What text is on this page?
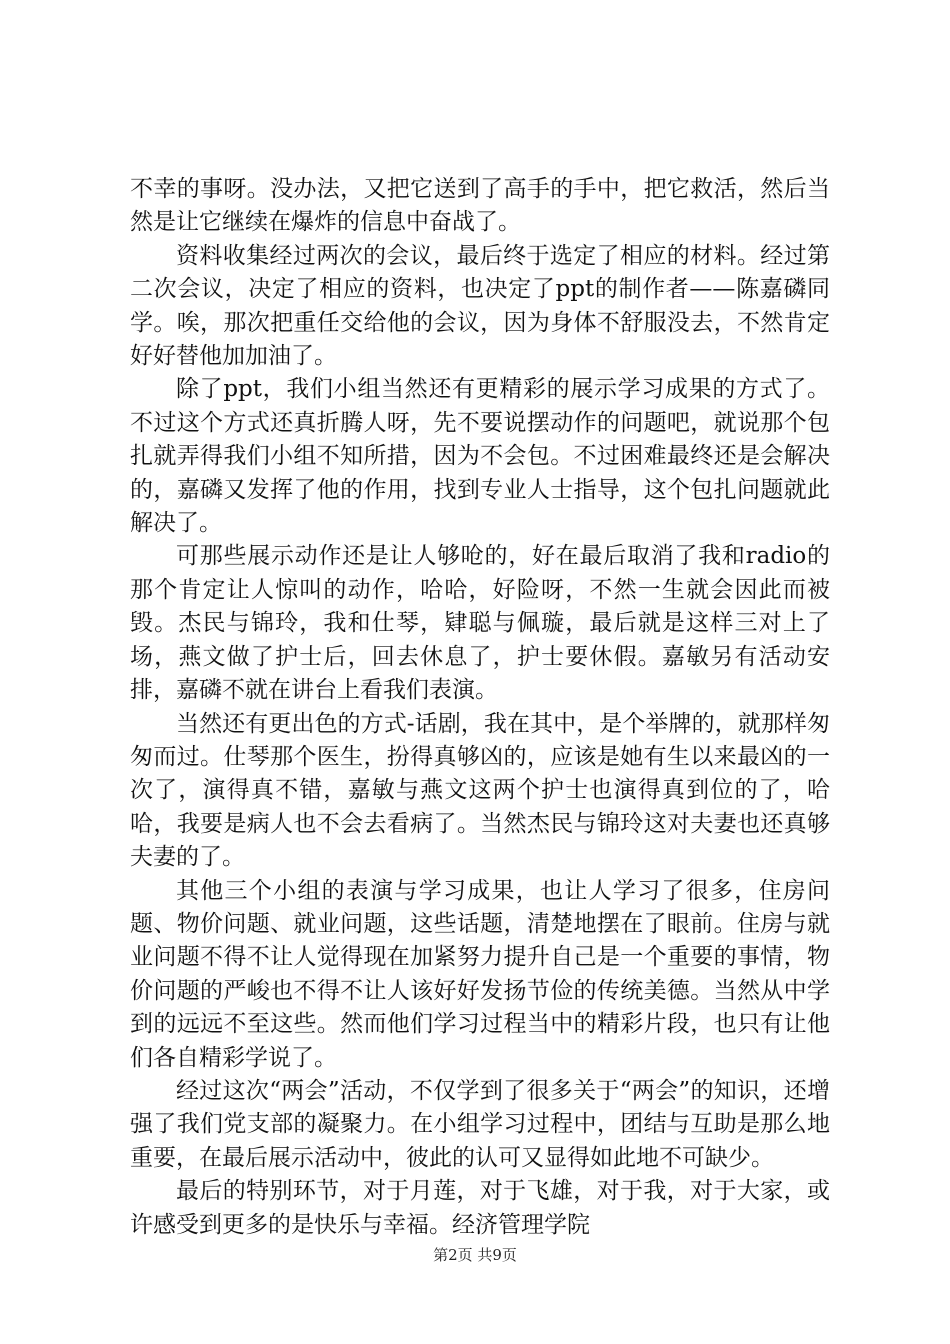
不幸的事呀。没办法，又把它送到了高手的手中，把它救活，然后当然是让它继续在爆炸的信息中奋战了。

资料收集经过两次的会议，最后终于选定了相应的材料。经过第二次会议，决定了相应的资料，也决定了ppt的制作者——陈嘉磷同学。唉，那次把重任交给他的会议，因为身体不舒服没去，不然肯定好好替他加加油了。

除了ppt，我们小组当然还有更精彩的展示学习成果的方式了。不过这个方式还真折腾人呀，先不要说摆动作的问题吧，就说那个包扎就弄得我们小组不知所措，因为不会包。不过困难最终还是会解决的，嘉磷又发挥了他的作用，找到专业人士指导，这个包扎问题就此解决了。

可那些展示动作还是让人够呛的，好在最后取消了我和radio的那个肯定让人惊叫的动作，哈哈，好险呀，不然一生就会因此而被毁。杰民与锦玲，我和仕琴，肄聪与佩璇，最后就是这样三对上了场，燕文做了护士后，回去休息了，护士要休假。嘉敏另有活动安排，嘉磷不就在讲台上看我们表演。

当然还有更出色的方式-话剧，我在其中，是个举牌的，就那样匆匆而过。仕琴那个医生，扮得真够凶的，应该是她有生以来最凶的一次了，演得真不错，嘉敏与燕文这两个护士也演得真到位的了，哈哈，我要是病人也不会去看病了。当然杰民与锦玲这对夫妻也还真够夫妻的了。

其他三个小组的表演与学习成果，也让人学习了很多，住房问题、物价问题、就业问题，这些话题，清楚地摆在了眼前。住房与就业问题不得不让人觉得现在加紧努力提升自己是一个重要的事情，物价问题的严峻也不得不让人该好好发扬节俭的传统美德。当然从中学到的远远不至这些。然而他们学习过程当中的精彩片段，也只有让他们各自精彩学说了。

经过这次“两会”活动，不仅学到了很多关于“两会”的知识，还增强了我们党支部的凝聚力。在小组学习过程中，团结与互助是那么地重要，在最后展示活动中，彼此的认可又显得如此地不可缺少。

最后的特别环节，对于月莲，对于飞雄，对于我，对于大家，或许感受到更多的是快乐与幸福。经济管理学院

第2页 共9页
